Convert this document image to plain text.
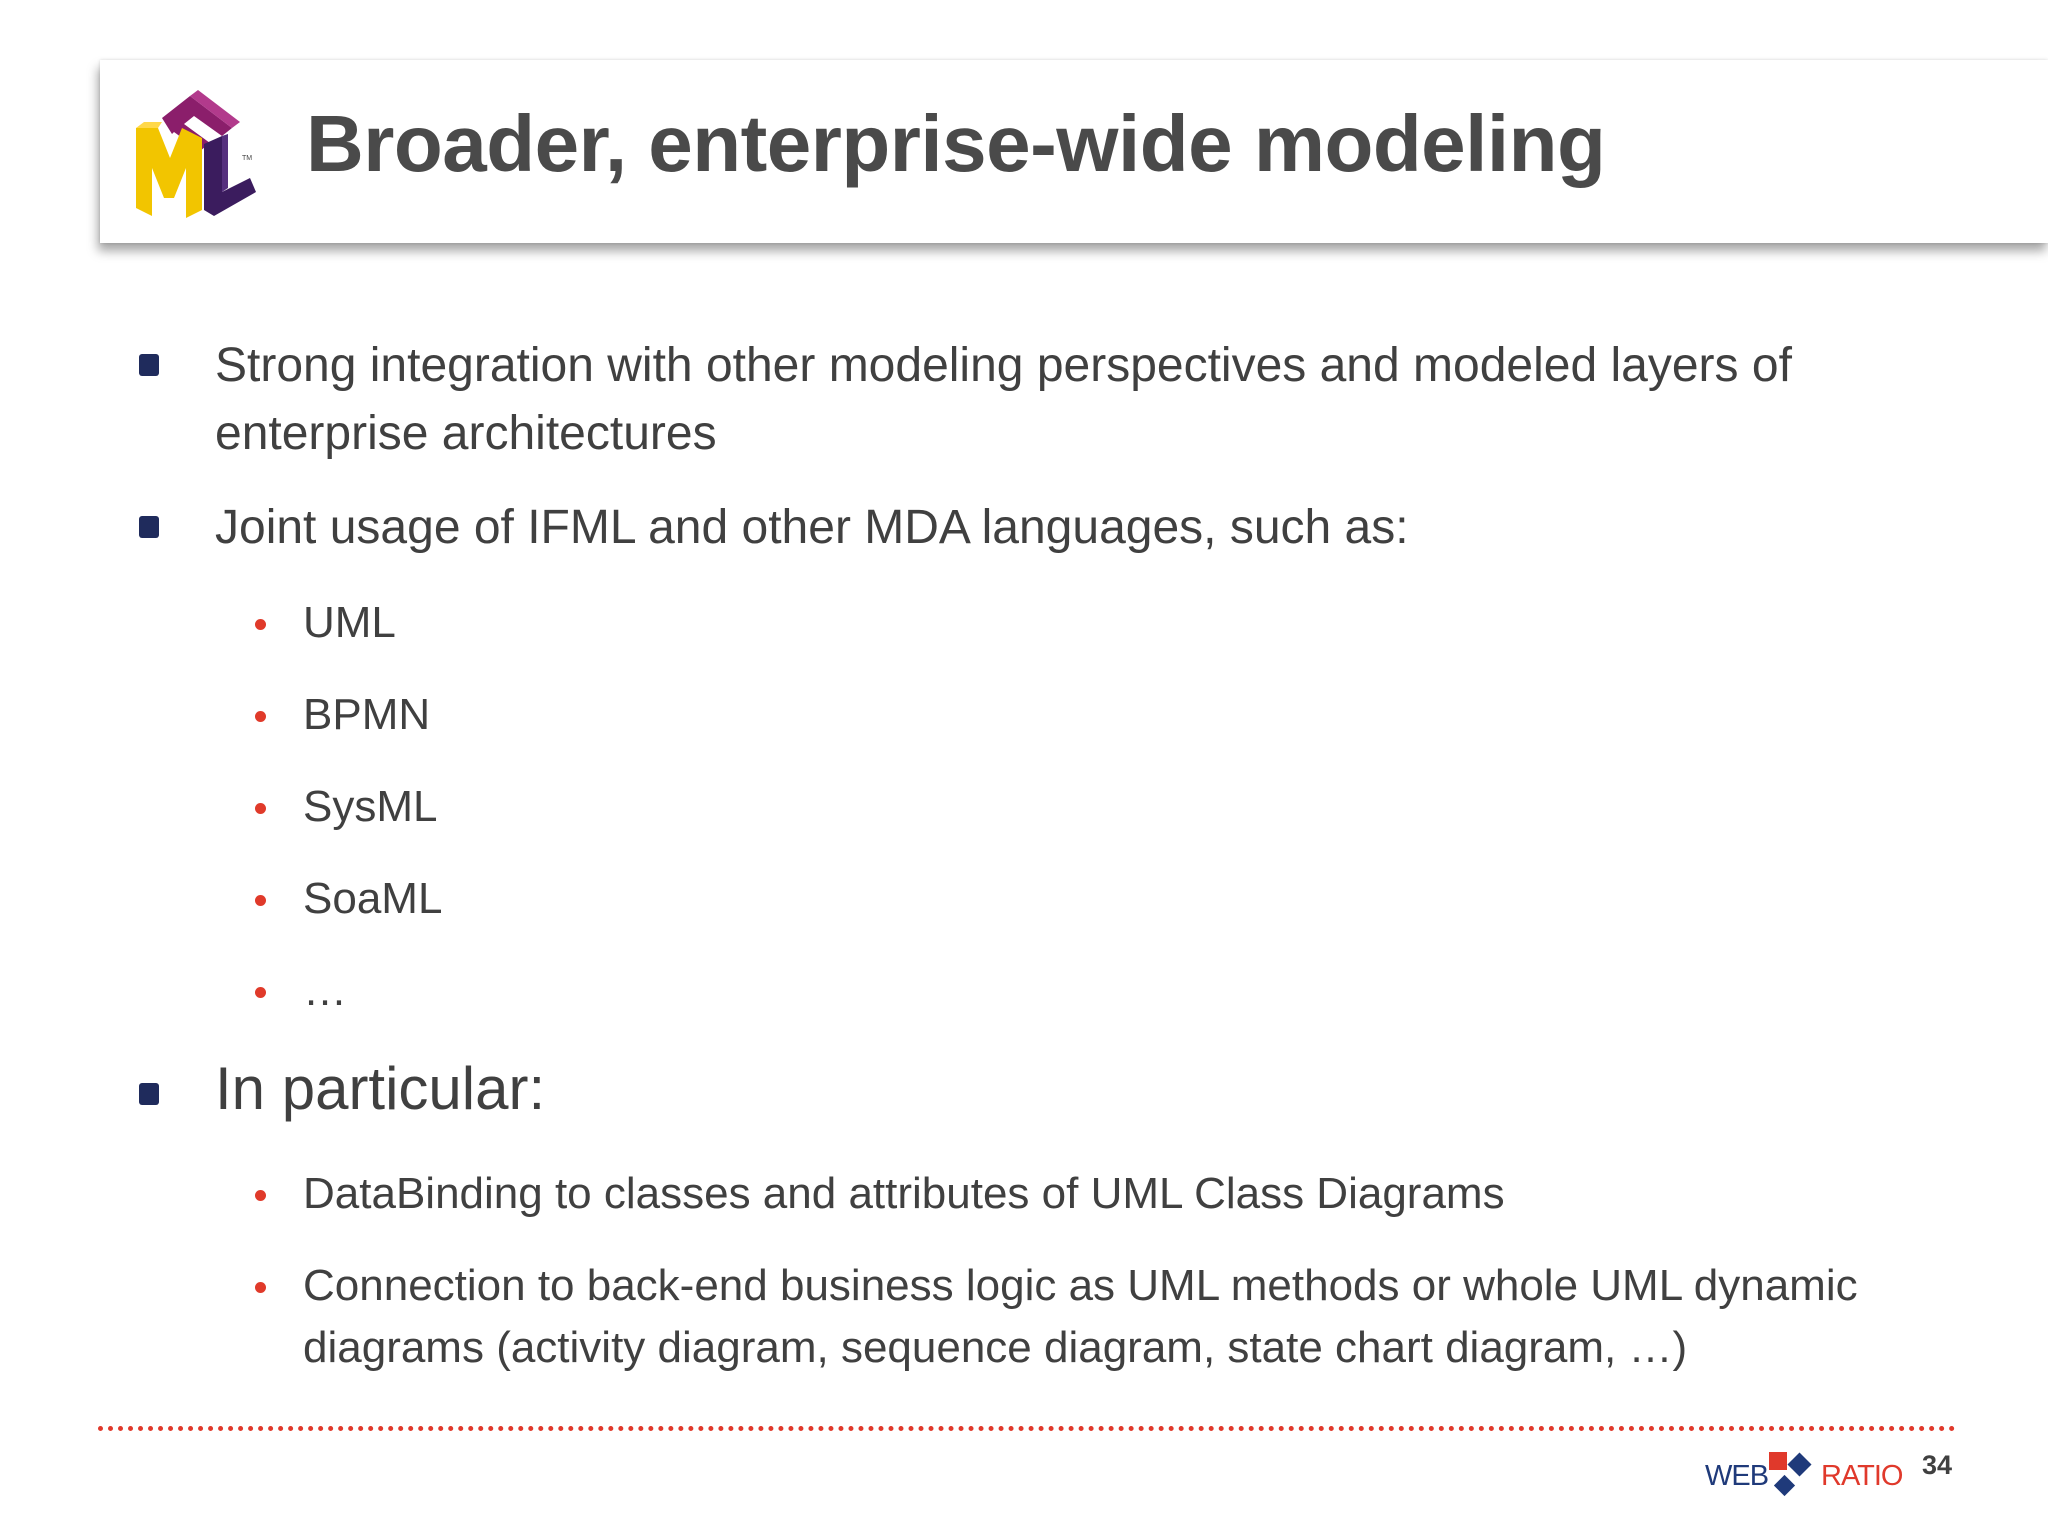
TM Broader, enterprise-wide modeling
Strong integration with other modeling perspectives and modeled layers of enterprise architectures
Joint usage of IFML and other MDA languages, such as:
UML
BPMN
SysML
SoaML
…
In particular:
DataBinding to classes and attributes of UML Class Diagrams
Connection to back-end business logic as UML methods or whole UML dynamic diagrams (activity diagram, sequence diagram, state chart diagram, …)
WEB RATIO 34
